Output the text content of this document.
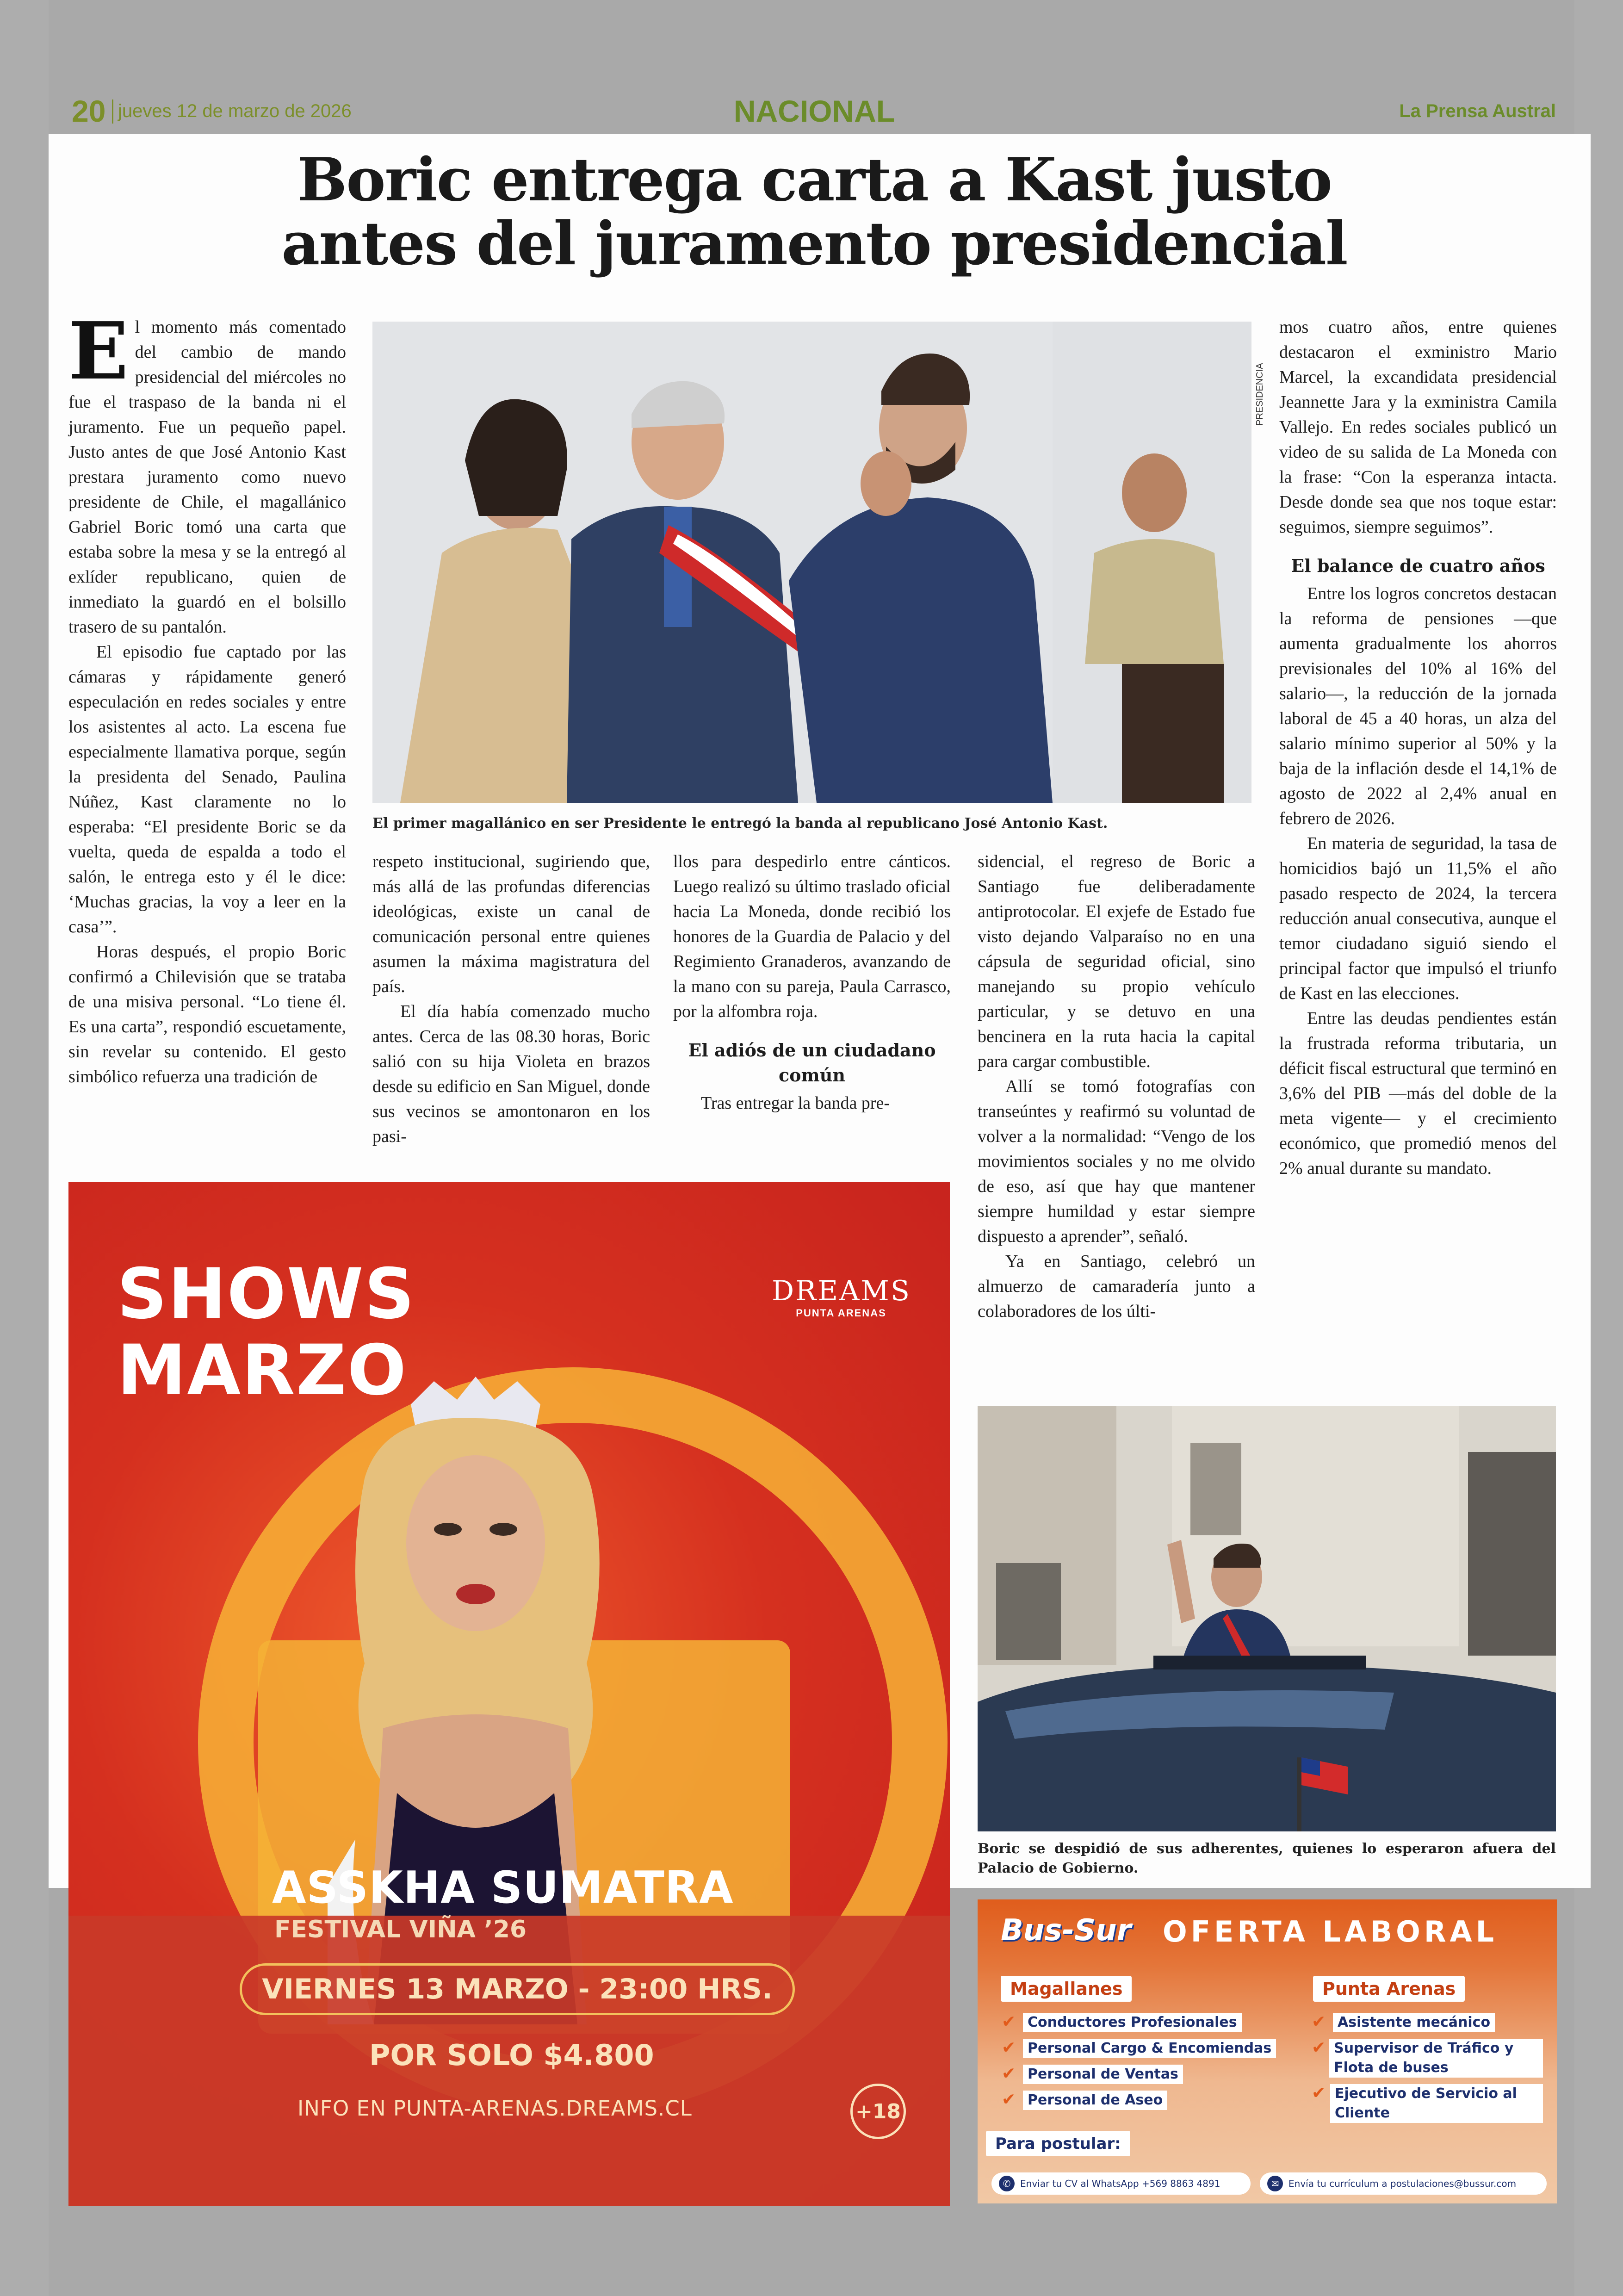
20 jueves 12 de marzo de 2026	NACIONAL	La Prensa Austral
Boric entrega carta a Kast justo antes del juramento presidencial
E l momento más comentado del cambio de mando presidencial del miércoles no fue el traspaso de la banda ni el juramento. Fue un pequeño papel. Justo antes de que José Antonio Kast prestara juramento como nuevo presidente de Chile, el magallánico Gabriel Boric tomó una carta que estaba sobre la mesa y se la entregó al exlíder republicano, quien de inmediato la guardó en el bolsillo trasero de su pantalón.

El episodio fue captado por las cámaras y rápidamente generó especulación en redes sociales y entre los asistentes al acto. La escena fue especialmente llamativa porque, según la presidenta del Senado, Paulina Núñez, Kast claramente no lo esperaba: “El presidente Boric se da vuelta, queda de espalda a todo el salón, le entrega esto y él le dice: ‘Muchas gracias, la voy a leer en la casa’”.

Horas después, el propio Boric confirmó a Chilevisión que se trataba de una misiva personal. “Lo tiene él. Es una carta”, respondió escuetamente, sin revelar su contenido. El gesto simbólico refuerza una tradición de

PRESIDENCIA
El primer magallánico en ser Presidente le entregó la banda al republicano José Antonio Kast.

respeto institucional, sugiriendo que, más allá de las profundas diferencias ideológicas, existe un canal de comunicación personal entre quienes asumen la máxima magistratura del país.

El día había comenzado mucho antes. Cerca de las 08.30 horas, Boric salió con su hija Violeta en brazos desde su edificio en San Miguel, donde sus vecinos se amontonaron en los pasi-

llos para despedirlo entre cánticos. Luego realizó su último traslado oficial hacia La Moneda, donde recibió los honores de la Guardia de Palacio y del Regimiento Granaderos, avanzando de la mano con su pareja, Paula Carrasco, por la alfombra roja.

El adiós de un ciudadano común

Tras entregar la banda pre-

sidencial, el regreso de Boric a Santiago fue deliberadamente antiprotocolar. El exjefe de Estado fue visto dejando Valparaíso no en una cápsula de seguridad oficial, sino manejando su propio vehículo particular, y se detuvo en una bencinera en la ruta hacia la capital para cargar combustible.

Allí se tomó fotografías con transeúntes y reafirmó su voluntad de volver a la normalidad: “Vengo de los movimientos sociales y no me olvido de eso, así que hay que mantener siempre humildad y estar siempre dispuesto a aprender”, señaló.

Ya en Santiago, celebró un almuerzo de camaradería junto a colaboradores de los últi-

mos cuatro años, entre quienes destacaron el exministro Mario Marcel, la excandidata presidencial Jeannette Jara y la exministra Camila Vallejo. En redes sociales publicó un video de su salida de La Moneda con la frase: “Con la esperanza intacta. Desde donde sea que nos toque estar: seguimos, siempre seguimos”.

El balance de cuatro años

Entre los logros concretos destacan la reforma de pensiones —que aumenta gradualmente los ahorros previsionales del 10% al 16% del salario—, la reducción de la jornada laboral de 45 a 40 horas, un alza del salario mínimo superior al 50% y la baja de la inflación desde el 14,1% de agosto de 2022 al 2,4% anual en febrero de 2026.

En materia de seguridad, la tasa de homicidios bajó un 11,5% el año pasado respecto de 2024, la tercera reducción anual consecutiva, aunque el temor ciudadano siguió siendo el principal factor que impulsó el triunfo de Kast en las elecciones.

Entre las deudas pendientes están la frustrada reforma tributaria, un déficit fiscal estructural que terminó en 3,6% del PIB —más del doble de la meta vigente— y el crecimiento económico, que promedió menos del 2% anual durante su mandato.

Boric se despidió de sus adherentes, quienes lo esperaron afuera del Palacio de Gobierno.
SHOWS
MARZO
DREAMS
PUNTA ARENAS
ASSKHA SUMATRA
FESTIVAL VIÑA ’26
VIERNES 13 MARZO - 23:00 HRS.
POR SOLO $4.800
INFO EN PUNTA-ARENAS.DREAMS.CL	+18
Bus-Sur OFERTA LABORAL
Magallanes	Punta Arenas
✔ Conductores Profesionales
✔ Personal Cargo & Encomiendas
✔ Personal de Ventas
✔ Personal de Aseo
✔ Asistente mecánico
✔ Supervisor de Tráfico y Flota de buses
✔ Ejecutivo de Servicio al Cliente
Para postular:
✆	Enviar tu CV al WhatsApp +569 8863 4891	✉	Envía tu currículum a postulaciones@bussur.com
